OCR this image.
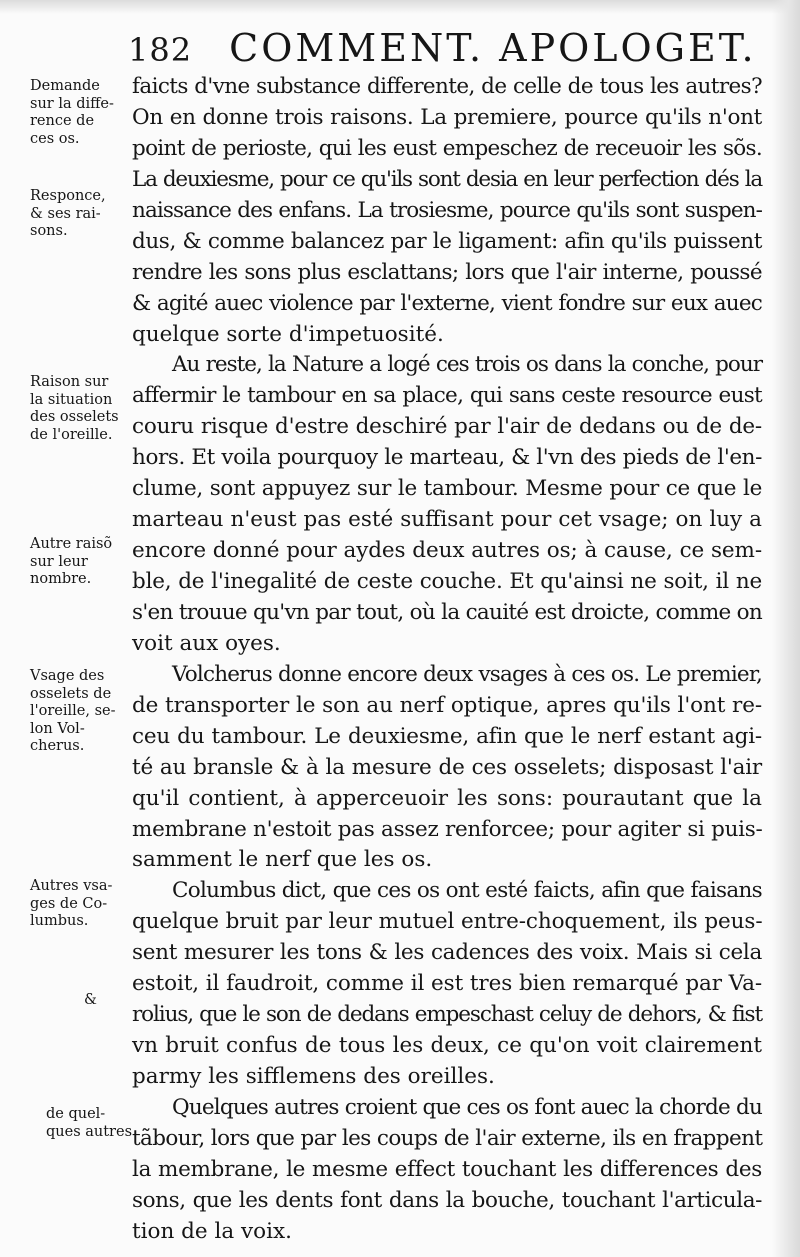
182 COMMENT. APOLOGET.
faicts d'vne substance differente, de celle de tous les autres?
On en donne trois raisons. La premiere, pource qu'ils n'ont
point de perioste, qui les eust empeschez de receuoir les sõs.
La deuxiesme, pour ce qu'ils sont desia en leur perfection dés la
naissance des enfans. La trosiesme, pource qu'ils sont suspen-
dus, & comme balancez par le ligament: afin qu'ils puissent
rendre les sons plus esclattans; lors que l'air interne, poussé
& agité auec violence par l'externe, vient fondre sur eux auec
quelque sorte d'impetuosité.
Au reste, la Nature a logé ces trois os dans la conche, pour
affermir le tambour en sa place, qui sans ceste resource eust
couru risque d'estre deschiré par l'air de dedans ou de de-
hors. Et voila pourquoy le marteau, & l'vn des pieds de l'en-
clume, sont appuyez sur le tambour. Mesme pour ce que le
marteau n'eust pas esté suffisant pour cet vsage; on luy a
encore donné pour aydes deux autres os; à cause, ce sem-
ble, de l'inegalité de ceste couche. Et qu'ainsi ne soit, il ne
s'en trouue qu'vn par tout, où la cauité est droicte, comme on
voit aux oyes.
Volcherus donne encore deux vsages à ces os. Le premier,
de transporter le son au nerf optique, apres qu'ils l'ont re-
ceu du tambour. Le deuxiesme, afin que le nerf estant agi-
té au bransle & à la mesure de ces osselets; disposast l'air
qu'il contient, à apperceuoir les sons: pourautant que la
membrane n'estoit pas assez renforcee; pour agiter si puis-
samment le nerf que les os.
Columbus dict, que ces os ont esté faicts, afin que faisans
quelque bruit par leur mutuel entre-choquement, ils peus-
sent mesurer les tons & les cadences des voix. Mais si cela
estoit, il faudroit, comme il est tres bien remarqué par Va-
rolius, que le son de dedans empeschast celuy de dehors, & fist
vn bruit confus de tous les deux, ce qu'on voit clairement
parmy les sifflemens des oreilles.
Quelques autres croient que ces os font auec la chorde du
tãbour, lors que par les coups de l'air externe, ils en frappent
la membrane, le mesme effect touchant les differences des
sons, que les dents font dans la bouche, touchant l'articula-
tion de la voix.
Demande
sur la diffe-
rence de
ces os.
Responce,
& ses rai-
sons.
Raison sur
la situation
des osselets
de l'oreille.
Autre raisõ
sur leur
nombre.
Vsage des
osselets de
l'oreille, se-
lon Vol-
cherus.
Autres vsa-
ges de Co-
lumbus.
&
de quel-
ques autres
